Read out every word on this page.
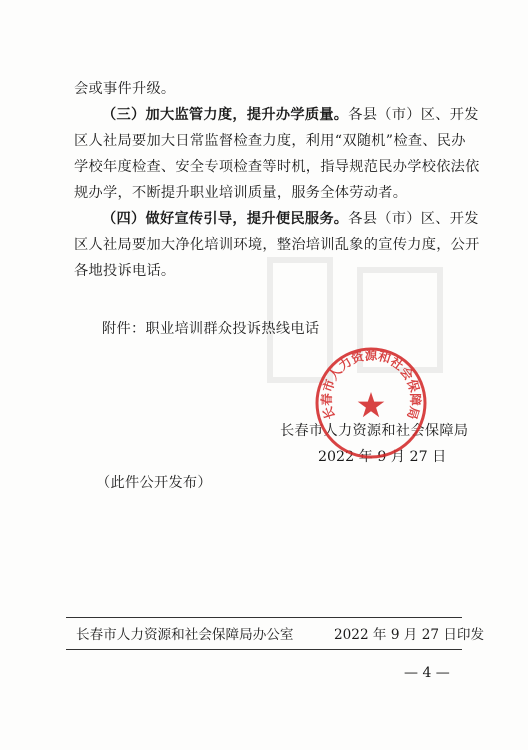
会或事件升级。
（三）加大监管力度，提升办学质量。各县（市）区、开发
区人社局要加大日常监督检查力度，利用“双随机”检查、民办
学校年度检查、安全专项检查等时机，指导规范民办学校依法依
规办学，不断提升职业培训质量，服务全体劳动者。
（四）做好宣传引导，提升便民服务。各县（市）区、开发
区人社局要加大净化培训环境，整治培训乱象的宣传力度，公开
各地投诉电话。
附件：职业培训群众投诉热线电话
长春市人力资源和社会保障局
2022 年 9 月 27 日
长春市人力资源和社会保障局
（此件公开发布）
长春市人力资源和社会保障局办公室	2022 年 9 月 27 日印发
— 4 —
